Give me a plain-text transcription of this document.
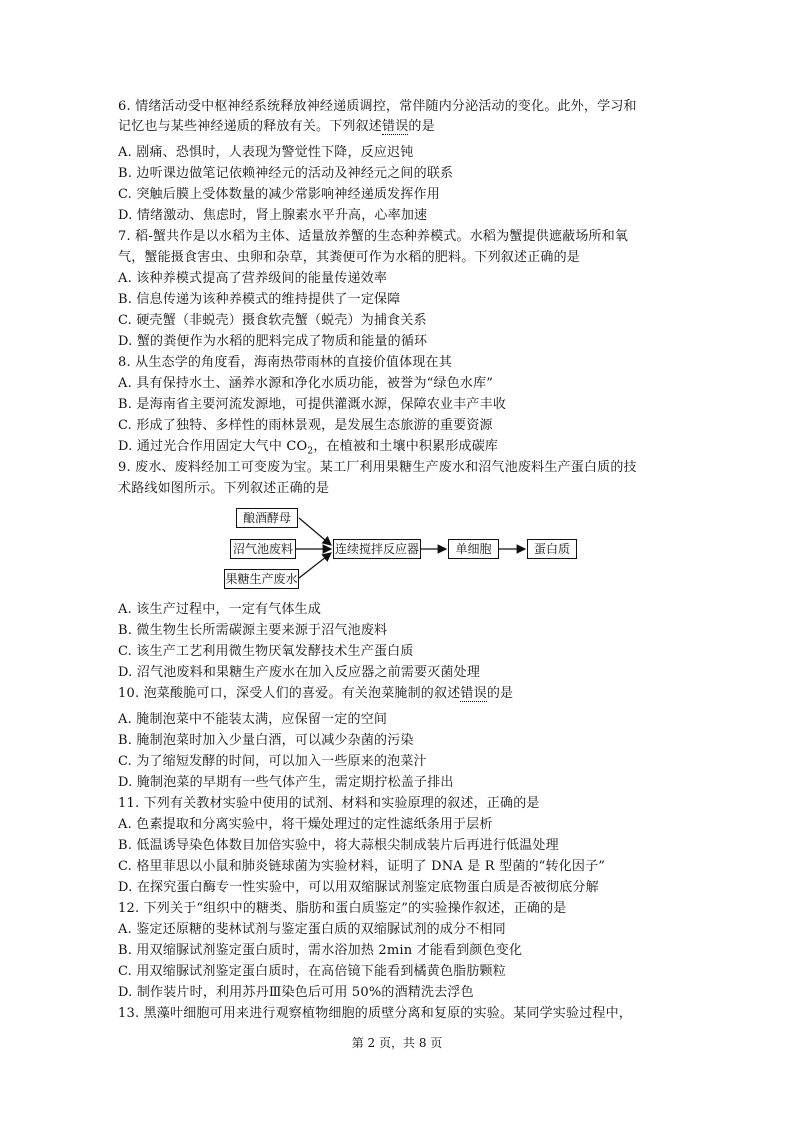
6. 情绪活动受中枢神经系统释放神经递质调控，常伴随内分泌活动的变化。此外，学习和
记忆也与某些神经递质的释放有关。下列叙述错误的是
A. 剧痛、恐惧时，人表现为警觉性下降，反应迟钝
B. 边听课边做笔记依赖神经元的活动及神经元之间的联系
C. 突触后膜上受体数量的减少常影响神经递质发挥作用
D. 情绪激动、焦虑时，肾上腺素水平升高，心率加速
7. 稻-蟹共作是以水稻为主体、适量放养蟹的生态种养模式。水稻为蟹提供遮蔽场所和氧
气，蟹能摄食害虫、虫卵和杂草，其粪便可作为水稻的肥料。下列叙述正确的是
A. 该种养模式提高了营养级间的能量传递效率
B. 信息传递为该种养模式的维持提供了一定保障
C. 硬壳蟹（非蜕壳）摄食软壳蟹（蜕壳）为捕食关系
D. 蟹的粪便作为水稻的肥料完成了物质和能量的循环
8. 从生态学的角度看，海南热带雨林的直接价值体现在其
A. 具有保持水土、涵养水源和净化水质功能，被誉为“绿色水库”
B. 是海南省主要河流发源地，可提供灌溉水源，保障农业丰产丰收
C. 形成了独特、多样性的雨林景观，是发展生态旅游的重要资源
D. 通过光合作用固定大气中 $CO_2$，在植被和土壤中积累形成碳库
9. 废水、废料经加工可变废为宝。某工厂利用果糖生产废水和沼气池废料生产蛋白质的技
术路线如图所示。下列叙述正确的是
酿酒酵母
沼气池废料
果糖生产废水
连续搅拌反应器	单细胞	蛋白质
A. 该生产过程中，一定有气体生成
B. 微生物生长所需碳源主要来源于沼气池废料
C. 该生产工艺利用微生物厌氧发酵技术生产蛋白质
D. 沼气池废料和果糖生产废水在加入反应器之前需要灭菌处理
10. 泡菜酸脆可口，深受人们的喜爱。有关泡菜腌制的叙述错误的是
A. 腌制泡菜中不能装太满，应保留一定的空间
B. 腌制泡菜时加入少量白酒，可以减少杂菌的污染
C. 为了缩短发酵的时间，可以加入一些原来的泡菜汁
D. 腌制泡菜的早期有一些气体产生，需定期拧松盖子排出
11. 下列有关教材实验中使用的试剂、材料和实验原理的叙述，正确的是
A. 色素提取和分离实验中，将干燥处理过的定性滤纸条用于层析
B. 低温诱导染色体数目加倍实验中，将大蒜根尖制成装片后再进行低温处理
C. 格里菲思以小鼠和肺炎链球菌为实验材料，证明了 DNA 是 R 型菌的“转化因子”
D. 在探究蛋白酶专一性实验中，可以用双缩脲试剂鉴定底物蛋白质是否被彻底分解
12. 下列关于“组织中的糖类、脂肪和蛋白质鉴定”的实验操作叙述，正确的是
A. 鉴定还原糖的斐林试剂与鉴定蛋白质的双缩脲试剂的成分不相同
B. 用双缩脲试剂鉴定蛋白质时，需水浴加热 2min 才能看到颜色变化
C. 用双缩脲试剂鉴定蛋白质时，在高倍镜下能看到橘黄色脂肪颗粒
D. 制作装片时，利用苏丹Ⅲ染色后可用 50%的酒精洗去浮色
13. 黑藻叶细胞可用来进行观察植物细胞的质壁分离和复原的实验。某同学实验过程中，
第 2 页，共 8 页
